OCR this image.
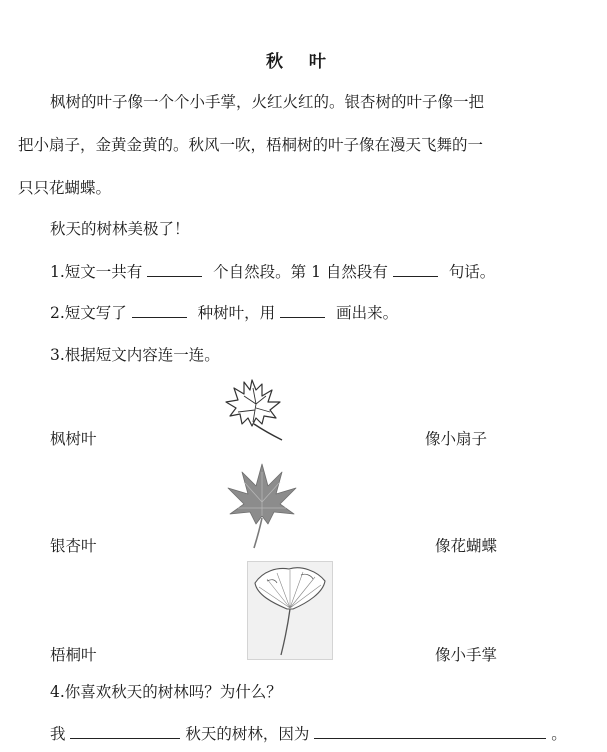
秋 叶
枫树的叶子像一个个小手掌，火红火红的。银杏树的叶子像一把
把小扇子，金黄金黄的。秋风一吹，梧桐树的叶子像在漫天飞舞的一
只只花蝴蝶。
秋天的树林美极了！
1.短文一共有	个自然段。第 1 自然段有	句话。
2.短文写了	种树叶，用	画出来。
3.根据短文内容连一连。
枫树叶
银杏叶
梧桐叶
像小扇子
像花蝴蝶
像小手掌
4.你喜欢秋天的树林吗？为什么？
我	秋天的树林，因为	。
